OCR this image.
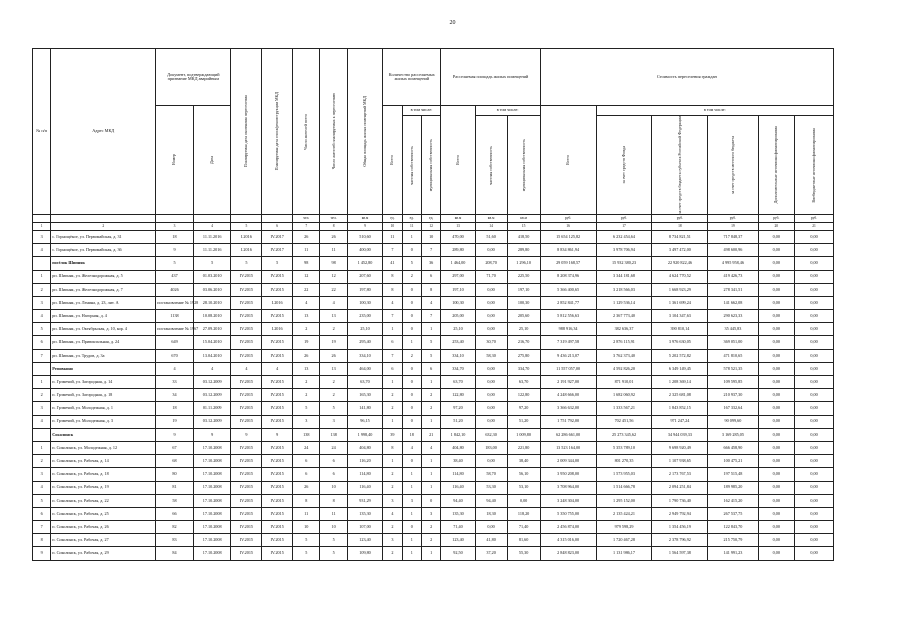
20
№ п/п	Адрес МКД	Документ, подтверждающий признание МКД аварийным		Планируемая дата окончания переселения	Планируемая дата сноса/реконструкции МКД	Число жителей всего	Число жителей планируемых к переселению	Общая площадь жилых помещений МКД	Количество расселяемых жилых помещений			Расселяемая площадь жилых помещений			Стоимость переселения граждан					

		Номер	Дата						Всего	в том числе:		Всего	в том числе:		Всего	в том числе:				

										частная собственность	муниципальная собственность		частная собственность	муниципальная собственность		за счет средств Фонда	за счет средств бюджета субъекта Российской Федерации	за счет средств местного бюджета	Дополнительные источники финансирования	Внебюджетные источники финансирования

						чел.	чел.	кв.м	ед.	ед.	ед.	кв.м	кв.м	кв.м	руб.	руб.	руб.	руб.	руб.	руб.
1	2	3	4	5	6	7	8	9	10	11	12	13	14	15	16	17	18	19	20	21
3	с. Горнощёкое, ул. Первомайская, д. 31	18	11.11.2016	I.2016	IV.2017	26	26	510,60	11	1	10	470,00	51,60	418,50	15 654 125,82	6 232 454,64	8 734 821,51	717 848,37	0,00	0,00
4	с. Горнощёкое, ул. Первомайская, д. 36	9	11.11.2016	I.2016	IV.2017	11	11	400,00	7	0	7	289,80	0,00	289,80	8 834 861,94	3 978 706,94	3 497 472,00	498 600,96	0,00	0,00
	посёлок Шипняк	5	5	5	5	98	98	1 452,80	41	5	36	1 464,00	208,70	1 296,10	29 059 168,57	15 932 380,23	22 920 822,46	4 995 958,46	0,00	0,00
1	рп. Шипняк, ул. Железнодорожная, д. 5	437	01.03.2010	IV.2015	IV.2015	12	12	207,60	8	2	6	297,00	71,70	225,50	8 208 374,96	3 344 181,68	4 624 770,52	419 426,73	0,00	0,00
2	рп. Шипняк, ул. Железнодорожная, д. 7	4026	03.06.2010	IV.2015	IV.2015	22	22	197,80	8	0	8	197,10	0,00	197,10	5 366 400,65	3 218 566,03	1 668 923,29	278 341,51	0,00	0,00
3	рп. Шипняк, ул. Ленина, д. 23, лит. А	постановление № 1928	28.10.2010	IV.2015	I.2016	4	4	100,30	4	0	4	100,30	0,00	100,30	2 852 841,77	1 129 536,14	1 361 699,24	141 662,08	0,00	0,00
4	рп. Шипняк, ул. Нагорная, д. 4	1138	10.08.2010	IV.2015	IV.2015	13	13	235,00	7	0	7	205,00	0,00	205,60	5 812 556,63	2 367 773,40	3 104 347,63	290 623,33	0,00	0,00
5	рп. Шипняк, ул. Октябрьская, д. 10, кор. 4	постановление № 1967	27.09.2010	IV.2015	I.2016	2	2	25,10	1	0	1	25,10	0,00	25,10	988 916,34	382 636,37	390 810,14	35 445,83	0,00	0,00
6	рп. Шипняк, ул. Привокзальная, д. 24	649	15.04.2010	IV.2015	IV.2015	19	19	295,40	6	1	5	253,40	30,70	216,70	7 319 497,58	2 876 115,91	3 976 630,05	369 051,00	0,00	0,00
7	рп. Шипняк, ул. Трудов, д. 3а	670	13.04.2010	IV.2015	IV.2015	26	26	334,10	7	2	5	334,10	58,30	275,80	9 436 213,07	3 762 373,40	5 202 572,82	471 810,65	0,00	0,00
	Ремовкино	4	4	4	4	13	13	464,00	6	0	6	334,70	0,00	334,70	11 557 057,00	4 592 826,20	6 349 149,45	578 521,35	0,00	0,00
1	п. Грэмечий, ул. Загородная, д. 14	33	03.12.2009	IV.2015	IV.2015	2	2	63,70	1	0	1	63,70	0,00	63,70	2 191 927,00	871 910,01	1 208 369,14	109 595,85	0,00	0,00
2	п. Грэмечий, ул. Загородная, д. 18	34	03.12.2009	IV.2015	IV.2015	2	2	165,30	2	0	2	122,80	0,00	122,80	4 248 666,00	1 682 060,92	2 325 681,08	210 937,30	0,00	0,00
3	п. Грэмечий, ул. Молодежная, д. 1	18	01.11.2009	IV.2015	IV.2015	5	5	141,80	2	0	2	97,20	0,00	97,20	3 366 632,00	1 333 567,21	1 843 852,15	167 332,64	0,00	0,00
4	п. Грэмечий, ул. Молодежная, д. 3	19	03.12.2009	IV.2015	IV.2015	3	3	96,15	1	0	1	51,20	0,00	51,20	1 751 792,00	702 451,56	971 247,24	90 099,60	0,00	0,00
	Соколинск	9	9	9	9	138	138	1 998,40	39	18	21	1 842,10	632,30	1 009,80	62 286 661,00	25 273 345,62	34 944 039,33	3 169 285,05	0,00	0,00
1	п. Соколинск, ул. Молодежная, д. 12	67	17.10.2008	IV.2015	IV.2015	24	24	404,80	8	4	4	404,80	183,00	221,80	13 523 164,00	5 353 789,10	9 698 920,49	666 458,90	0,00	0,00
2	п. Соколинск, ул. Рабочая, д. 14	68	17.10.2008	IV.2015	IV.2015	6	6	116,20	1	0	1	38,40	0,00	38,40	2 009 344,00	801 270,35	1 107 938,65	100 475,21	0,00	0,00
3	п. Соколинск, ул. Рабочая, д. 18	80	17.10.2008	IV.2015	IV.2015	6	6	114,80	2	1	1	114,80	58,70	56,10	3 950 208,00	1 573 955,03	2 173 767,53	197 515,48	0,00	0,00
4	п. Соколинск, ул. Рабочая, д. 19	81	17.10.2008	IV.2015	IV.2015	26	10	116,40	2	1	1	116,40	53,30	53,10	3 708 964,00	1 514 666,78	2 094 251,84	189 985,20	0,00	0,00
5	п. Соколинск, ул. Рабочая, д. 22	58	17.10.2008	IV.2015	IV.2015	8	8	931,29	3	3	0	94,40	94,40	0,00	3 248 304,00	1 295 152,00	1 790 736,40	162 415,20	0,00	0,00
6	п. Соколинск, ул. Рабочая, д. 25	66	17.10.2008	IV.2015	IV.2015	11	11	135,30	4	1	3	135,30	18,30	118,20	5 350 755,00	2 135 424,21	2 949 792,94	267 537,75	0,00	0,00
7	п. Соколинск, ул. Рабочая, д. 26	82	17.10.2008	IV.2015	IV.2015	10	10	107,00	2	0	2	71,40	0,00	71,40	2 456 874,00	979 598,29	1 354 456,19	122 843,70	0,00	0,00
8	п. Соколинск, ул. Рабочая, д. 27	83	17.10.2008	IV.2015	IV.2015	5	5	123,40	3	1	2	123,40	41,80	81,60	4 315 016,00	1 720 467,28	2 378 796,92	215 750,79	0,00	0,00
9	п. Соколинск, ул. Рабочая, д. 29	84	17.10.2008	IV.2015	IV.2015	5	5	109,80	2	1	1	92,50	37,20	55,30	2 848 823,00	1 131 986,17	1 564 597,38	141 991,23	0,00	0,00
